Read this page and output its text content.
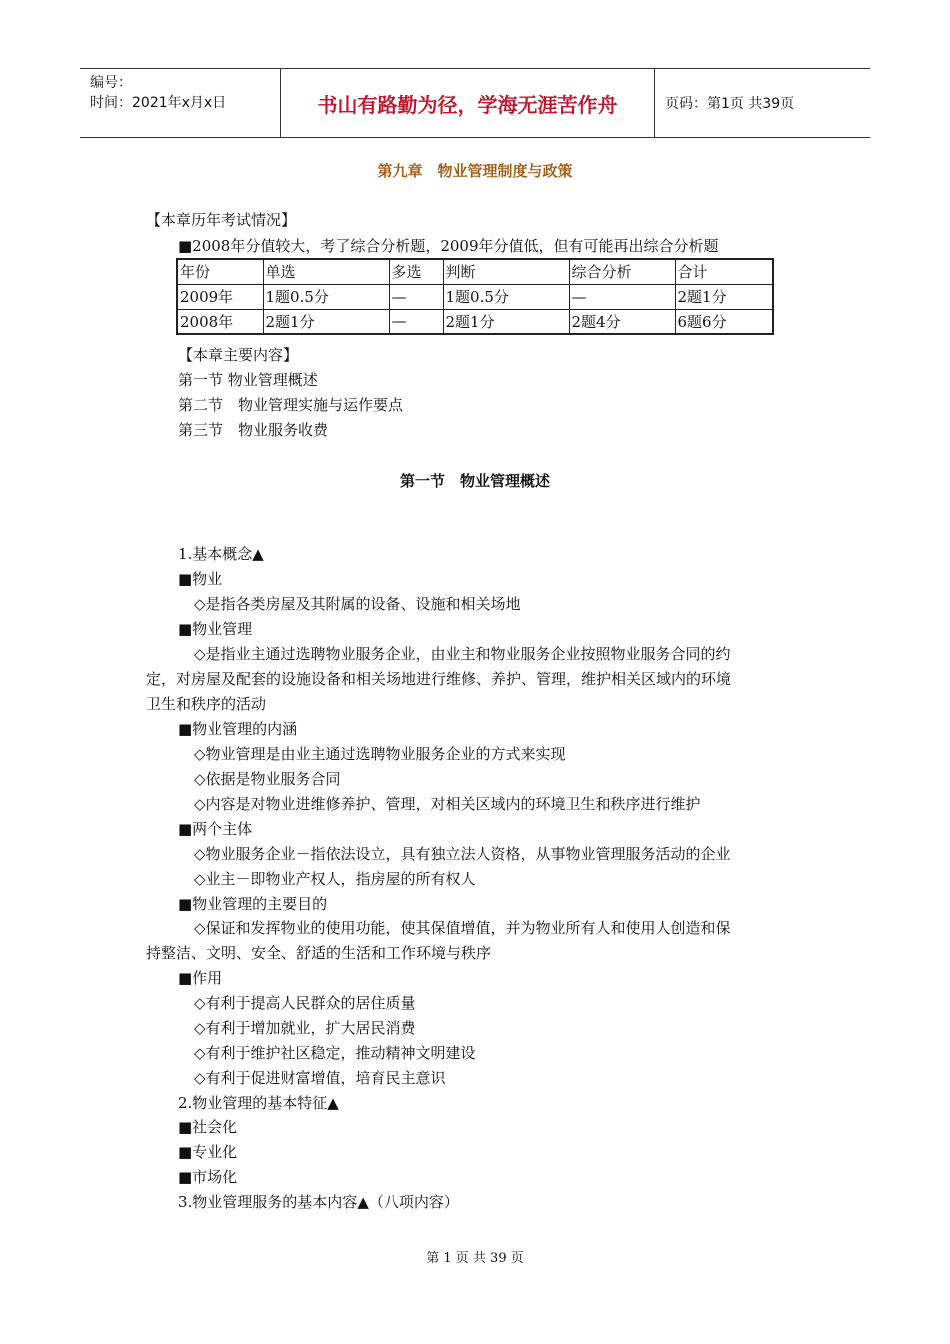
编号：
时间：2021年x月x日	书山有路勤为径，学海无涯苦作舟	页码：第1页 共39页
第九章　物业管理制度与政策
【本章历年考试情况】
■2008年分值较大，考了综合分析题，2009年分值低，但有可能再出综合分析题
年份	单选	多选	判断	综合分析	合计
2009年	1题0.5分	—	1题0.5分	—	2题1分
2008年	2题1分	—	2题1分	2题4分	6题6分
【本章主要内容】
第一节 物业管理概述
第二节　物业管理实施与运作要点
第三节　物业服务收费
第一节　物业管理概述
1.基本概念▲
■物业
◇是指各类房屋及其附属的设备、设施和相关场地
■物业管理
◇是指业主通过选聘物业服务企业，由业主和物业服务企业按照物业服务合同的约
定，对房屋及配套的设施设备和相关场地进行维修、养护、管理，维护相关区域内的环境
卫生和秩序的活动
■物业管理的内涵
◇物业管理是由业主通过选聘物业服务企业的方式来实现
◇依据是物业服务合同
◇内容是对物业进维修养护、管理，对相关区域内的环境卫生和秩序进行维护
■两个主体
◇物业服务企业－指依法设立，具有独立法人资格，从事物业管理服务活动的企业
◇业主－即物业产权人，指房屋的所有权人
■物业管理的主要目的
◇保证和发挥物业的使用功能，使其保值增值，并为物业所有人和使用人创造和保
持整洁、文明、安全、舒适的生活和工作环境与秩序
■作用
◇有利于提高人民群众的居住质量
◇有利于增加就业，扩大居民消费
◇有利于维护社区稳定，推动精神文明建设
◇有利于促进财富增值，培育民主意识
2.物业管理的基本特征▲
■社会化
■专业化
■市场化
3.物业管理服务的基本内容▲（八项内容）
第 1 页 共 39 页
